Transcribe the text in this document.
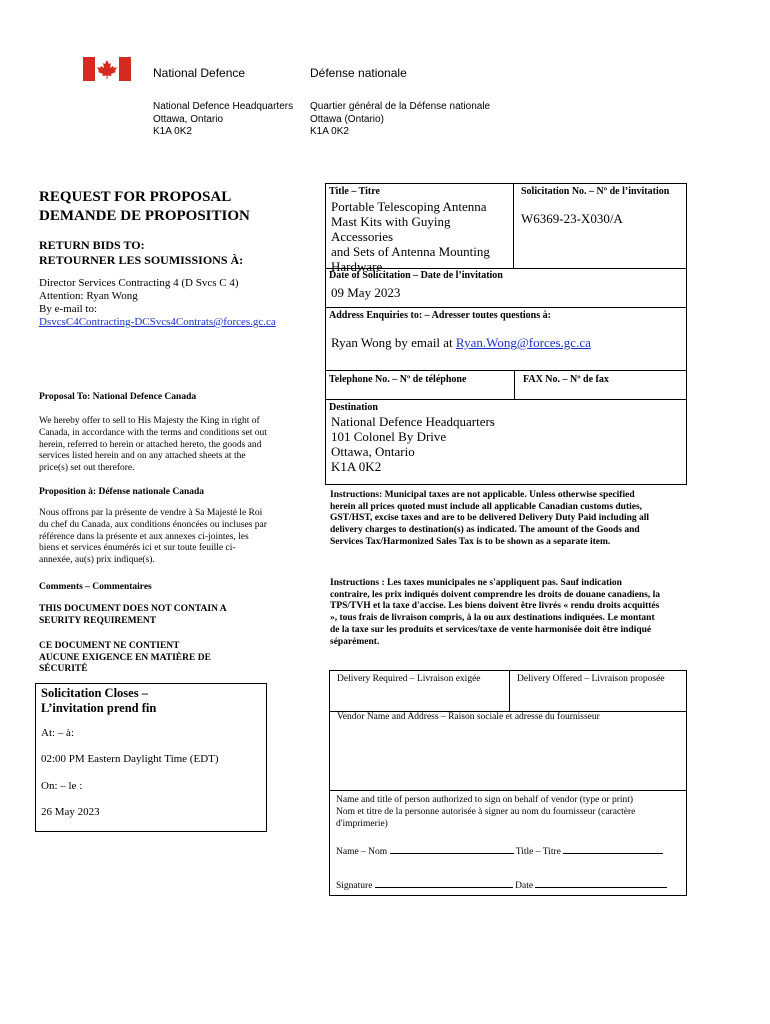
National Defence	Défense nationale
National Defence Headquarters
Ottawa, Ontario
K1A 0K2
Quartier général de la Défense nationale
Ottawa (Ontario)
K1A 0K2
REQUEST FOR PROPOSAL
DEMANDE DE PROPOSITION
RETURN BIDS TO:
RETOURNER LES SOUMISSIONS À:
Director Services Contracting 4 (D Svcs C 4)
Attention: Ryan Wong
By e-mail to:
DsvcsC4Contracting-DCSvcs4Contrats@forces.gc.ca
Proposal To: National Defence Canada
We hereby offer to sell to His Majesty the King in right of Canada, in accordance with the terms and conditions set out herein, referred to herein or attached hereto, the goods and services listed herein and on any attached sheets at the price(s) set out therefore.
Proposition à: Défense nationale Canada
Nous offrons par la présente de vendre à Sa Majesté le Roi du chef du Canada, aux conditions énoncées ou incluses par référence dans la présente et aux annexes ci-jointes, les biens et services énumérés ici et sur toute feuille ci-annexée, au(s) prix indique(s).
Comments – Commentaires
THIS DOCUMENT DOES NOT CONTAIN A
SEURITY REQUIREMENT
CE DOCUMENT NE CONTIENT
AUCUNE EXIGENCE EN MATIÈRE DE
SÉCURITÉ
Solicitation Closes –
L’invitation prend fin
At: – à:
02:00 PM Eastern Daylight Time (EDT)
On: – le :
26 May 2023
Title – Titre
Portable Telescoping Antenna
Mast Kits with Guying Accessories
and Sets of Antenna Mounting
Hardware
Solicitation No. – Nº de l’invitation
W6369-23-X030/A
Date of Solicitation – Date de l’invitation
09 May 2023
Address Enquiries to: – Adresser toutes questions à:
Ryan Wong by email at Ryan.Wong@forces.gc.ca
Telephone No. – Nº de téléphone	FAX No. – Nº de fax
Destination
National Defence Headquarters
101 Colonel By Drive
Ottawa, Ontario
K1A 0K2
Instructions: Municipal taxes are not applicable. Unless otherwise specified herein all prices quoted must include all applicable Canadian customs duties, GST/HST, excise taxes and are to be delivered Delivery Duty Paid including all delivery charges to destination(s) as indicated. The amount of the Goods and Services Tax/Harmonized Sales Tax is to be shown as a separate item.
Instructions : Les taxes municipales ne s'appliquent pas. Sauf indication contraire, les prix indiqués doivent comprendre les droits de douane canadiens, la TPS/TVH et la taxe d'accise. Les biens doivent être livrés « rendu droits acquittés », tous frais de livraison compris, à la ou aux destinations indiquées. Le montant de la taxe sur les produits et services/taxe de vente harmonisée doit être indiqué séparément.
Delivery Required – Livraison exigée	Delivery Offered – Livraison proposée
Vendor Name and Address – Raison sociale et adresse du fournisseur
Name and title of person authorized to sign on behalf of vendor (type or print)
Nom et titre de la personne autorisée à signer au nom du fournisseur (caractère
d'imprimerie)
Name – Nom	Title – Titre
Signature	Date
